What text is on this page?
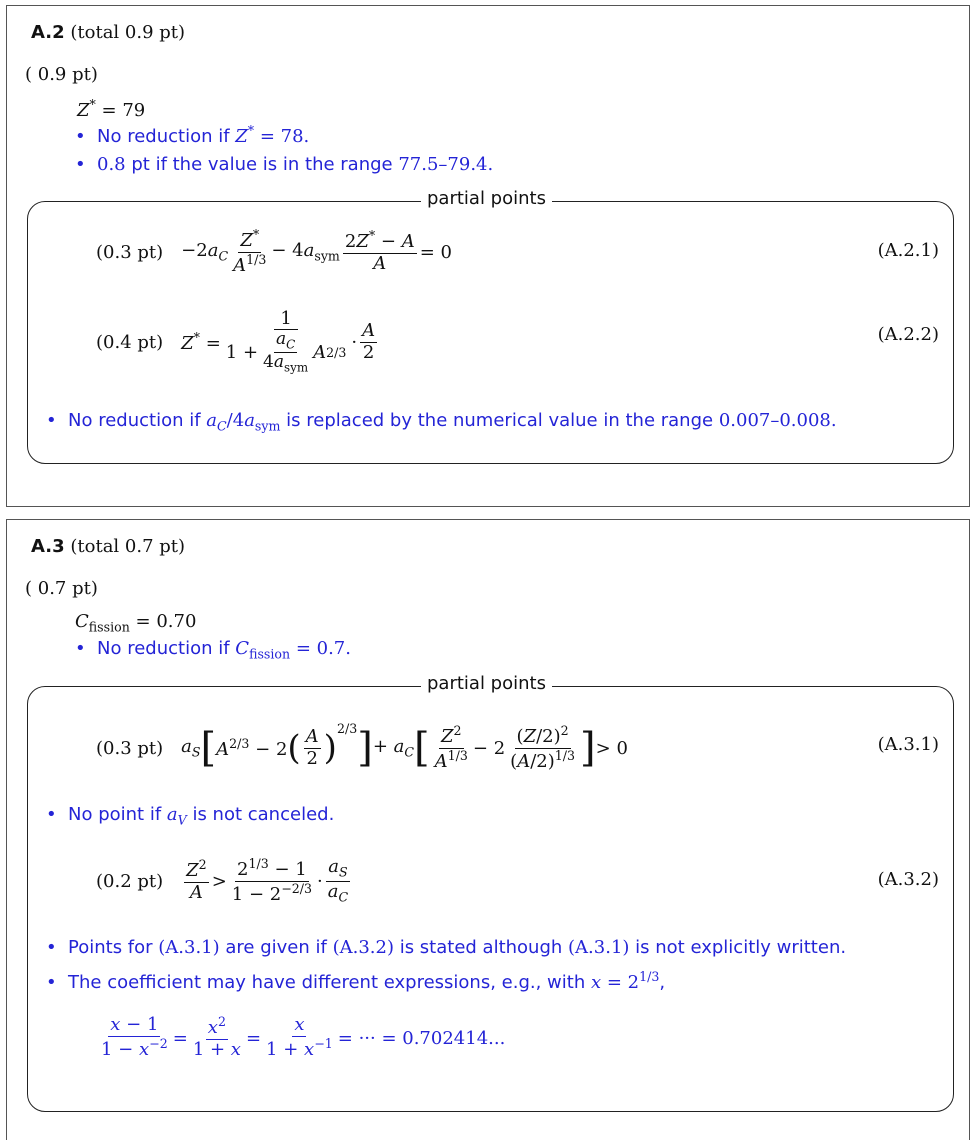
A.2 (total 0.9 pt)
( 0.9 pt)
Z* = 79
• No reduction if Z* = 78.
• 0.8 pt if the value is in the range 77.5–79.4.
partial points
(0.3 $pt) -2a_C \frac{Z^*}{A^{1/3}} - 4a_{sym} \frac{2Z^* - A}{A} = 0$	(A.2.1)
(0.4 pt) $Z^* = \frac{1}{1 + \frac{a_C}{4a_{sym}} A 2/3} \cdot \frac{A}{2}$	(A.2.2)
• No reduction if $a_C/4a_{sym}$ is replaced by the numerical value in the range 0.007–0.008.
A.3 (total 0.7 pt)
( 0.7 pt)
$C_{fission} = 0.70$
• No reduction if $C_{fission} = 0.7$.
partial points
(0.3 pt) $a_S$ [ $A^{2/3} - 2$ ( $\frac{A}{2} )^{2/3}$ ] + $a_C$ [ $\frac{Z^2}{A^{1/3}} - 2 \frac{(Z/2)^2}{(A/2)^{1/3}}$ ] > 0	(A.3.1)
• No point if $a_V$ is not canceled.
(0.2 $pt) \frac{Z^2}{A} > \frac{2^{1/3} - 1}{1 - 2^{-2/3}} \cdot \frac{a_S}{a_C}$	(A.3.2)
• Points for (A.3.1) are given if (A.3.2) is stated although (A.3.1) is not explicitly written.
• The coefficient may have different expressions, e.g., with $x = 2^{1/3}$,
$\frac{x - 1}{1 - x^{-2}} = \frac{x^2}{1 + x} = \frac{x}{1 + x^{-1}}$ = ··· = 0.702414...
